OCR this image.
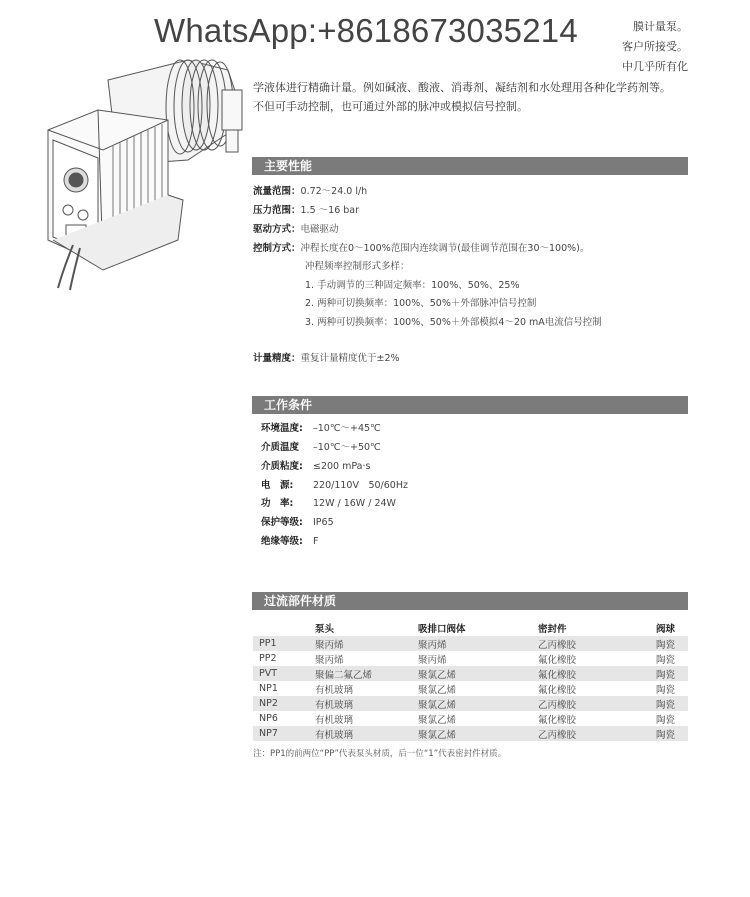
膜计量泵。
客户所接受。
中几乎所有化
学液体进行精确计量。例如碱液、酸液、消毒剂、凝结剂和水处理用各种化学药剂等。
不但可手动控制，也可通过外部的脉冲或模拟信号控制。
WhatsApp:+8618673035214
主要性能
流量范围：0.72～24.0 l/h
压力范围：1.5 ～16 bar
驱动方式：电磁驱动
控制方式：冲程长度在0～100%范围内连续调节(最佳调节范围在30～100%)。
冲程频率控制形式多样：
1. 手动调节的三种固定频率：100%、50%、25%
2. 两种可切换频率：100%、50%＋外部脉冲信号控制
3. 两种可切换频率：100%、50%＋外部模拟4～20 mA电流信号控制
计量精度：重复计量精度优于±2%
工作条件
环境温度: –10℃～+45℃
介质温度 –10℃～+50℃
介质粘度: ≤200 mPa·s
电　源: 220/110V　50/60Hz
功　率: 12W / 16W / 24W
保护等级: IP65
绝缘等级: F
过流部件材质
	泵头	吸排口阀体	密封件	阀球
PP1	聚丙烯	聚丙烯	乙丙橡胶	陶瓷
PP2	聚丙烯	聚丙烯	氟化橡胶	陶瓷
PVT	聚偏二氟乙烯	聚氯乙烯	氟化橡胶	陶瓷
NP1	有机玻璃	聚氯乙烯	氟化橡胶	陶瓷
NP2	有机玻璃	聚氯乙烯	乙丙橡胶	陶瓷
NP6	有机玻璃	聚氯乙烯	氟化橡胶	陶瓷
NP7	有机玻璃	聚氯乙烯	乙丙橡胶	陶瓷
注：PP1的前两位“PP”代表泵头材质，后一位“1”代表密封件材质。
